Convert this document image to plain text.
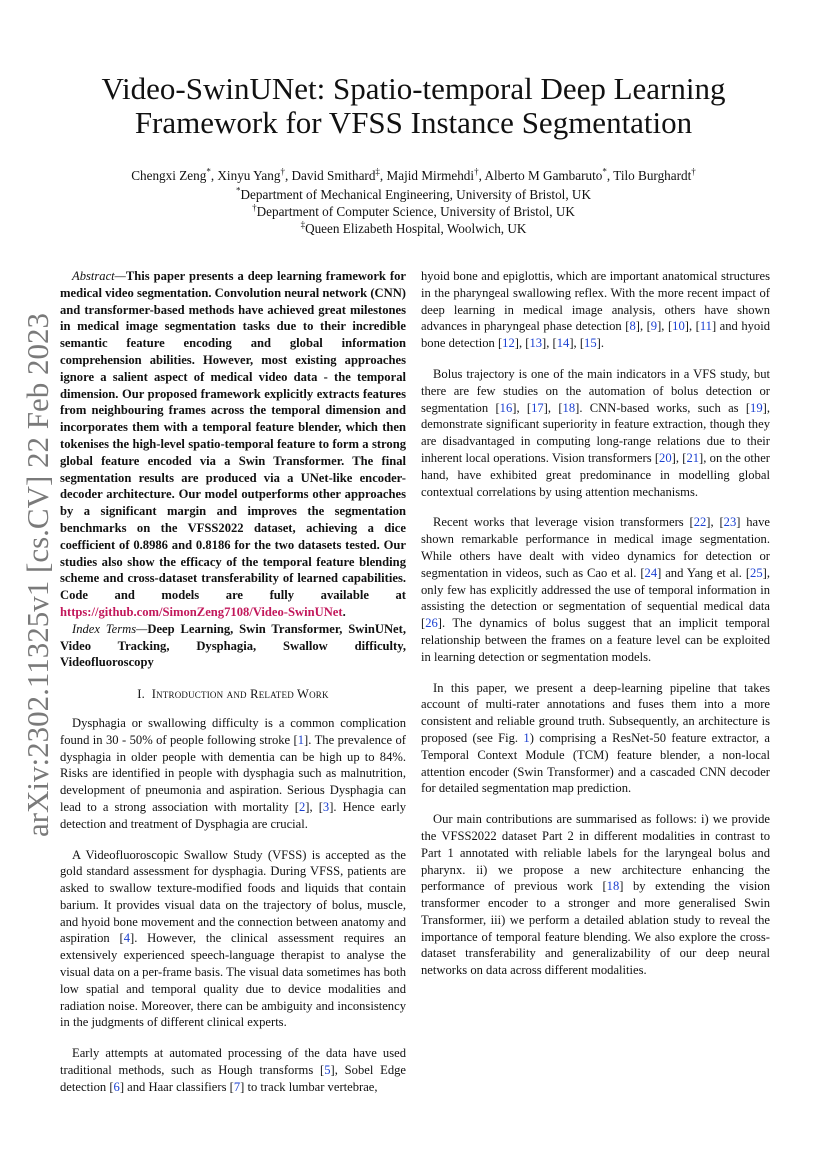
arXiv:2302.11325v1 [cs.CV] 22 Feb 2023
Video-SwinUNet: Spatio-temporal Deep Learning
Framework for VFSS Instance Segmentation
Chengxi Zeng*, Xinyu Yang†, David Smithard‡, Majid Mirmehdi†, Alberto M Gambaruto*, Tilo Burghardt†
*Department of Mechanical Engineering, University of Bristol, UK
†Department of Computer Science, University of Bristol, UK
‡Queen Elizabeth Hospital, Woolwich, UK

Abstract—This paper presents a deep learning framework for medical video segmentation. Convolution neural network (CNN) and transformer-based methods have achieved great milestones in medical image segmentation tasks due to their incredible semantic feature encoding and global information comprehension abilities. However, most existing approaches ignore a salient aspect of medical video data - the temporal dimension. Our proposed framework explicitly extracts features from neighbouring frames across the temporal dimension and incorporates them with a temporal feature blender, which then tokenises the high-level spatio-temporal feature to form a strong global feature encoded via a Swin Transformer. The final segmentation results are produced via a UNet-like encoder-decoder architecture. Our model outperforms other approaches by a significant margin and improves the segmentation benchmarks on the VFSS2022 dataset, achieving a dice coefficient of 0.8986 and 0.8186 for the two datasets tested. Our studies also show the efficacy of the temporal feature blending scheme and cross-dataset transferability of learned capabilities. Code and models are fully available at https://github.com/SimonZeng7108/Video-SwinUNet.

Index Terms—Deep Learning, Swin Transformer, SwinUNet, Video Tracking, Dysphagia, Swallow difficulty, Videofluoroscopy

I. Introduction and Related Work

Dysphagia or swallowing difficulty is a common complication found in 30 - 50% of people following stroke [1]. The prevalence of dysphagia in older people with dementia can be high up to 84%. Risks are identified in people with dysphagia such as malnutrition, development of pneumonia and aspiration. Serious Dysphagia can lead to a strong association with mortality [2], [3]. Hence early detection and treatment of Dysphagia are crucial.

A Videofluoroscopic Swallow Study (VFSS) is accepted as the gold standard assessment for dysphagia. During VFSS, patients are asked to swallow texture-modified foods and liquids that contain barium. It provides visual data on the trajectory of bolus, muscle, and hyoid bone movement and the connection between anatomy and aspiration [4]. However, the clinical assessment requires an extensively experienced speech-language therapist to analyse the visual data on a per-frame basis. The visual data sometimes has both low spatial and temporal quality due to device modalities and radiation noise. Moreover, there can be ambiguity and inconsistency in the judgments of different clinical experts.

Early attempts at automated processing of the data have used traditional methods, such as Hough transforms [5], Sobel Edge detection [6] and Haar classifiers [7] to track lumbar vertebrae,

hyoid bone and epiglottis, which are important anatomical structures in the pharyngeal swallowing reflex. With the more recent impact of deep learning in medical image analysis, others have shown advances in pharyngeal phase detection [8], [9], [10], [11] and hyoid bone detection [12], [13], [14], [15].

Bolus trajectory is one of the main indicators in a VFS study, but there are few studies on the automation of bolus detection or segmentation [16], [17], [18]. CNN-based works, such as [19], demonstrate significant superiority in feature extraction, though they are disadvantaged in computing long-range relations due to their inherent local operations. Vision transformers [20], [21], on the other hand, have exhibited great predominance in modelling global contextual correlations by using attention mechanisms.

Recent works that leverage vision transformers [22], [23] have shown remarkable performance in medical image segmentation. While others have dealt with video dynamics for detection or segmentation in videos, such as Cao et al. [24] and Yang et al. [25], only few has explicitly addressed the use of temporal information in assisting the detection or segmentation of sequential medical data [26]. The dynamics of bolus suggest that an implicit temporal relationship between the frames on a feature level can be exploited in learning detection or segmentation models.

In this paper, we present a deep-learning pipeline that takes account of multi-rater annotations and fuses them into a more consistent and reliable ground truth. Subsequently, an architecture is proposed (see Fig. 1) comprising a ResNet-50 feature extractor, a Temporal Context Module (TCM) feature blender, a non-local attention encoder (Swin Transformer) and a cascaded CNN decoder for detailed segmentation map prediction.

Our main contributions are summarised as follows: i) we provide the VFSS2022 dataset Part 2 in different modalities in contrast to Part 1 annotated with reliable labels for the laryngeal bolus and pharynx. ii) we propose a new architecture enhancing the performance of previous work [18] by extending the vision transformer encoder to a stronger and more generalised Swin Transformer, iii) we perform a detailed ablation study to reveal the importance of temporal feature blending. We also explore the cross-dataset transferability and generalizability of our deep neural networks on data across different modalities.
